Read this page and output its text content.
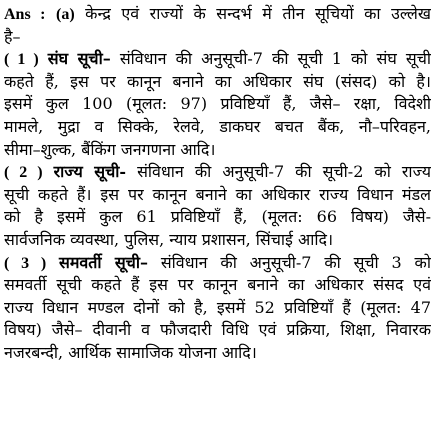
Ans : (a) केन्द्र एवं राज्यों के सन्दर्भ में तीन सूचियों का उल्लेख
है–
( 1 ) संघ सूची– संविधान की अनुसूची-7 की सूची 1 को संघ सूची
कहते हैं, इस पर कानून बनाने का अधिकार संघ (संसद) को है।
इसमें कुल 100 (मूलत: 97) प्रविष्टियाँ हैं, जैसे– रक्षा, विदेशी
मामले, मुद्रा व सिक्के, रेलवे, डाकघर बचत बैंक, नौ–परिवहन,
सीमा–शुल्क, बैंकिंग जनगणना आदि।
( 2 ) राज्य सूची- संविधान की अनुसूची-7 की सूची-2 को राज्य
सूची कहते हैं। इस पर कानून बनाने का अधिकार राज्य विधान मंडल
को है इसमें कुल 61 प्रविष्टियाँ हैं, (मूलत: 66 विषय) जैसे-
सार्वजनिक व्यवस्था, पुलिस, न्याय प्रशासन, सिंचाई आदि।
( 3 ) समवर्ती सूची– संविधान की अनुसूची-7 की सूची 3 को
समवर्ती सूची कहते हैं इस पर कानून बनाने का अधिकार संसद एवं
राज्य विधान मण्डल दोनों को है, इसमें 52 प्रविष्टियाँ हैं (मूलत: 47
विषय) जैसे– दीवानी व फौजदारी विधि एवं प्रक्रिया, शिक्षा, निवारक
नजरबन्दी, आर्थिक सामाजिक योजना आदि।
